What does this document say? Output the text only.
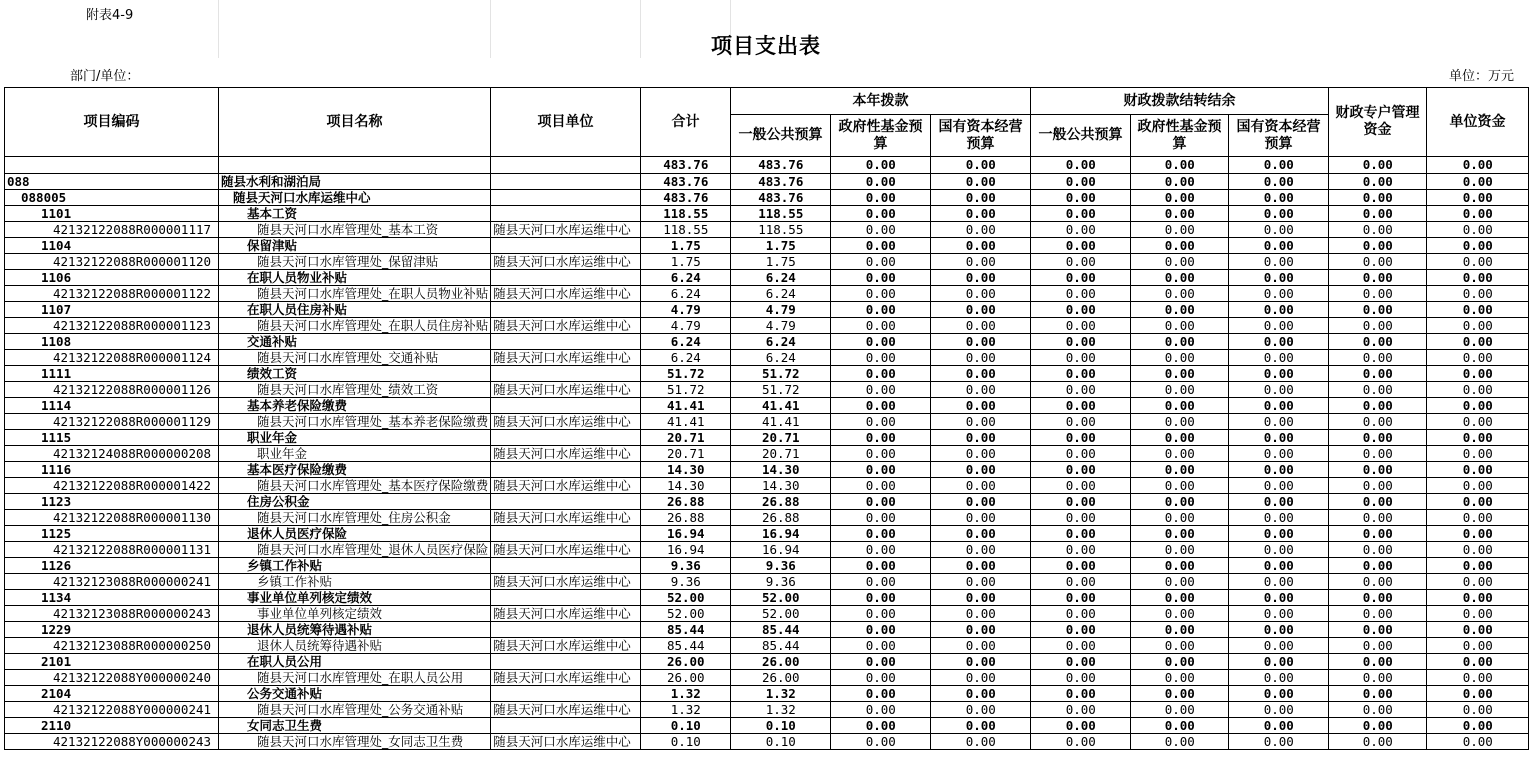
附表4-9
项目支出表
部门/单位：	单位：万元
项目编码	项目名称	项目单位	合计	本年拨款			财政拨款结转结余			财政专户管理资金	单位资金
				一般公共预算	政府性基金预算	国有资本经营预算	一般公共预算	政府性基金预算	国有资本经营预算		
			483.76	483.76	0.00	0.00	0.00	0.00	0.00	0.00	0.00
088	随县水利和湖泊局		483.76	483.76	0.00	0.00	0.00	0.00	0.00	0.00	0.00
088005	随县天河口水库运维中心		483.76	483.76	0.00	0.00	0.00	0.00	0.00	0.00	0.00
1101	基本工资		118.55	118.55	0.00	0.00	0.00	0.00	0.00	0.00	0.00
42132122088R000001117	随县天河口水库管理处_基本工资	随县天河口水库运维中心	118.55	118.55	0.00	0.00	0.00	0.00	0.00	0.00	0.00
1104	保留津贴		1.75	1.75	0.00	0.00	0.00	0.00	0.00	0.00	0.00
42132122088R000001120	随县天河口水库管理处_保留津贴	随县天河口水库运维中心	1.75	1.75	0.00	0.00	0.00	0.00	0.00	0.00	0.00
1106	在职人员物业补贴		6.24	6.24	0.00	0.00	0.00	0.00	0.00	0.00	0.00
42132122088R000001122	随县天河口水库管理处_在职人员物业补贴	随县天河口水库运维中心	6.24	6.24	0.00	0.00	0.00	0.00	0.00	0.00	0.00
1107	在职人员住房补贴		4.79	4.79	0.00	0.00	0.00	0.00	0.00	0.00	0.00
42132122088R000001123	随县天河口水库管理处_在职人员住房补贴	随县天河口水库运维中心	4.79	4.79	0.00	0.00	0.00	0.00	0.00	0.00	0.00
1108	交通补贴		6.24	6.24	0.00	0.00	0.00	0.00	0.00	0.00	0.00
42132122088R000001124	随县天河口水库管理处_交通补贴	随县天河口水库运维中心	6.24	6.24	0.00	0.00	0.00	0.00	0.00	0.00	0.00
1111	绩效工资		51.72	51.72	0.00	0.00	0.00	0.00	0.00	0.00	0.00
42132122088R000001126	随县天河口水库管理处_绩效工资	随县天河口水库运维中心	51.72	51.72	0.00	0.00	0.00	0.00	0.00	0.00	0.00
1114	基本养老保险缴费		41.41	41.41	0.00	0.00	0.00	0.00	0.00	0.00	0.00
42132122088R000001129	随县天河口水库管理处_基本养老保险缴费	随县天河口水库运维中心	41.41	41.41	0.00	0.00	0.00	0.00	0.00	0.00	0.00
1115	职业年金		20.71	20.71	0.00	0.00	0.00	0.00	0.00	0.00	0.00
42132124088R000000208	职业年金	随县天河口水库运维中心	20.71	20.71	0.00	0.00	0.00	0.00	0.00	0.00	0.00
1116	基本医疗保险缴费		14.30	14.30	0.00	0.00	0.00	0.00	0.00	0.00	0.00
42132122088R000001422	随县天河口水库管理处_基本医疗保险缴费	随县天河口水库运维中心	14.30	14.30	0.00	0.00	0.00	0.00	0.00	0.00	0.00
1123	住房公积金		26.88	26.88	0.00	0.00	0.00	0.00	0.00	0.00	0.00
42132122088R000001130	随县天河口水库管理处_住房公积金	随县天河口水库运维中心	26.88	26.88	0.00	0.00	0.00	0.00	0.00	0.00	0.00
1125	退休人员医疗保险		16.94	16.94	0.00	0.00	0.00	0.00	0.00	0.00	0.00
42132122088R000001131	随县天河口水库管理处_退休人员医疗保险	随县天河口水库运维中心	16.94	16.94	0.00	0.00	0.00	0.00	0.00	0.00	0.00
1126	乡镇工作补贴		9.36	9.36	0.00	0.00	0.00	0.00	0.00	0.00	0.00
42132123088R000000241	乡镇工作补贴	随县天河口水库运维中心	9.36	9.36	0.00	0.00	0.00	0.00	0.00	0.00	0.00
1134	事业单位单列核定绩效		52.00	52.00	0.00	0.00	0.00	0.00	0.00	0.00	0.00
42132123088R000000243	事业单位单列核定绩效	随县天河口水库运维中心	52.00	52.00	0.00	0.00	0.00	0.00	0.00	0.00	0.00
1229	退休人员统筹待遇补贴		85.44	85.44	0.00	0.00	0.00	0.00	0.00	0.00	0.00
42132123088R000000250	退休人员统筹待遇补贴	随县天河口水库运维中心	85.44	85.44	0.00	0.00	0.00	0.00	0.00	0.00	0.00
2101	在职人员公用		26.00	26.00	0.00	0.00	0.00	0.00	0.00	0.00	0.00
42132122088Y000000240	随县天河口水库管理处_在职人员公用	随县天河口水库运维中心	26.00	26.00	0.00	0.00	0.00	0.00	0.00	0.00	0.00
2104	公务交通补贴		1.32	1.32	0.00	0.00	0.00	0.00	0.00	0.00	0.00
42132122088Y000000241	随县天河口水库管理处_公务交通补贴	随县天河口水库运维中心	1.32	1.32	0.00	0.00	0.00	0.00	0.00	0.00	0.00
2110	女同志卫生费		0.10	0.10	0.00	0.00	0.00	0.00	0.00	0.00	0.00
42132122088Y000000243	随县天河口水库管理处_女同志卫生费	随县天河口水库运维中心	0.10	0.10	0.00	0.00	0.00	0.00	0.00	0.00	0.00
